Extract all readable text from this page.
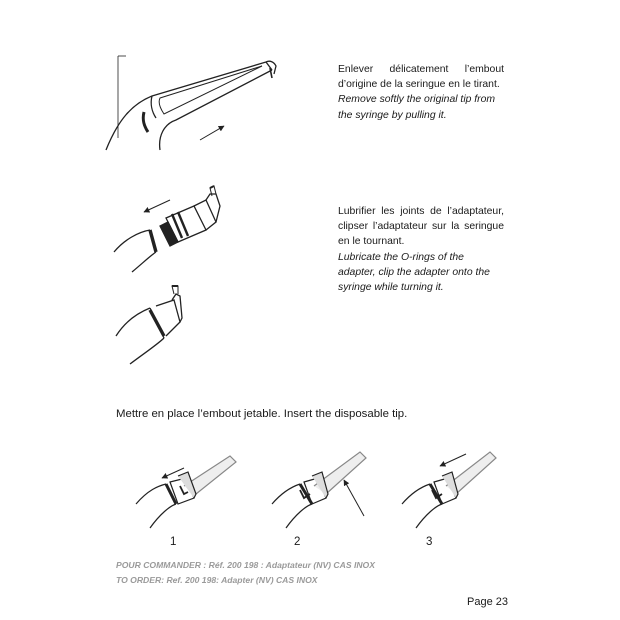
Enlever délicatement l’embout d’origine de la seringue en le tirant.
Remove softly the original tip from the syringe by pulling it.
Lubrifier les joints de l’adaptateur, clipser l’adaptateur sur la seringue en le tournant.
Lubricate the O-rings of the adapter, clip the adapter onto the syringe while turning it.
Mettre en place l’embout jetable. Insert the disposable tip.
1	2	3
POUR COMMANDER : Réf. 200 198 : Adaptateur (NV) CAS INOX
TO ORDER: Ref. 200 198: Adapter (NV) CAS INOX
Page 23
